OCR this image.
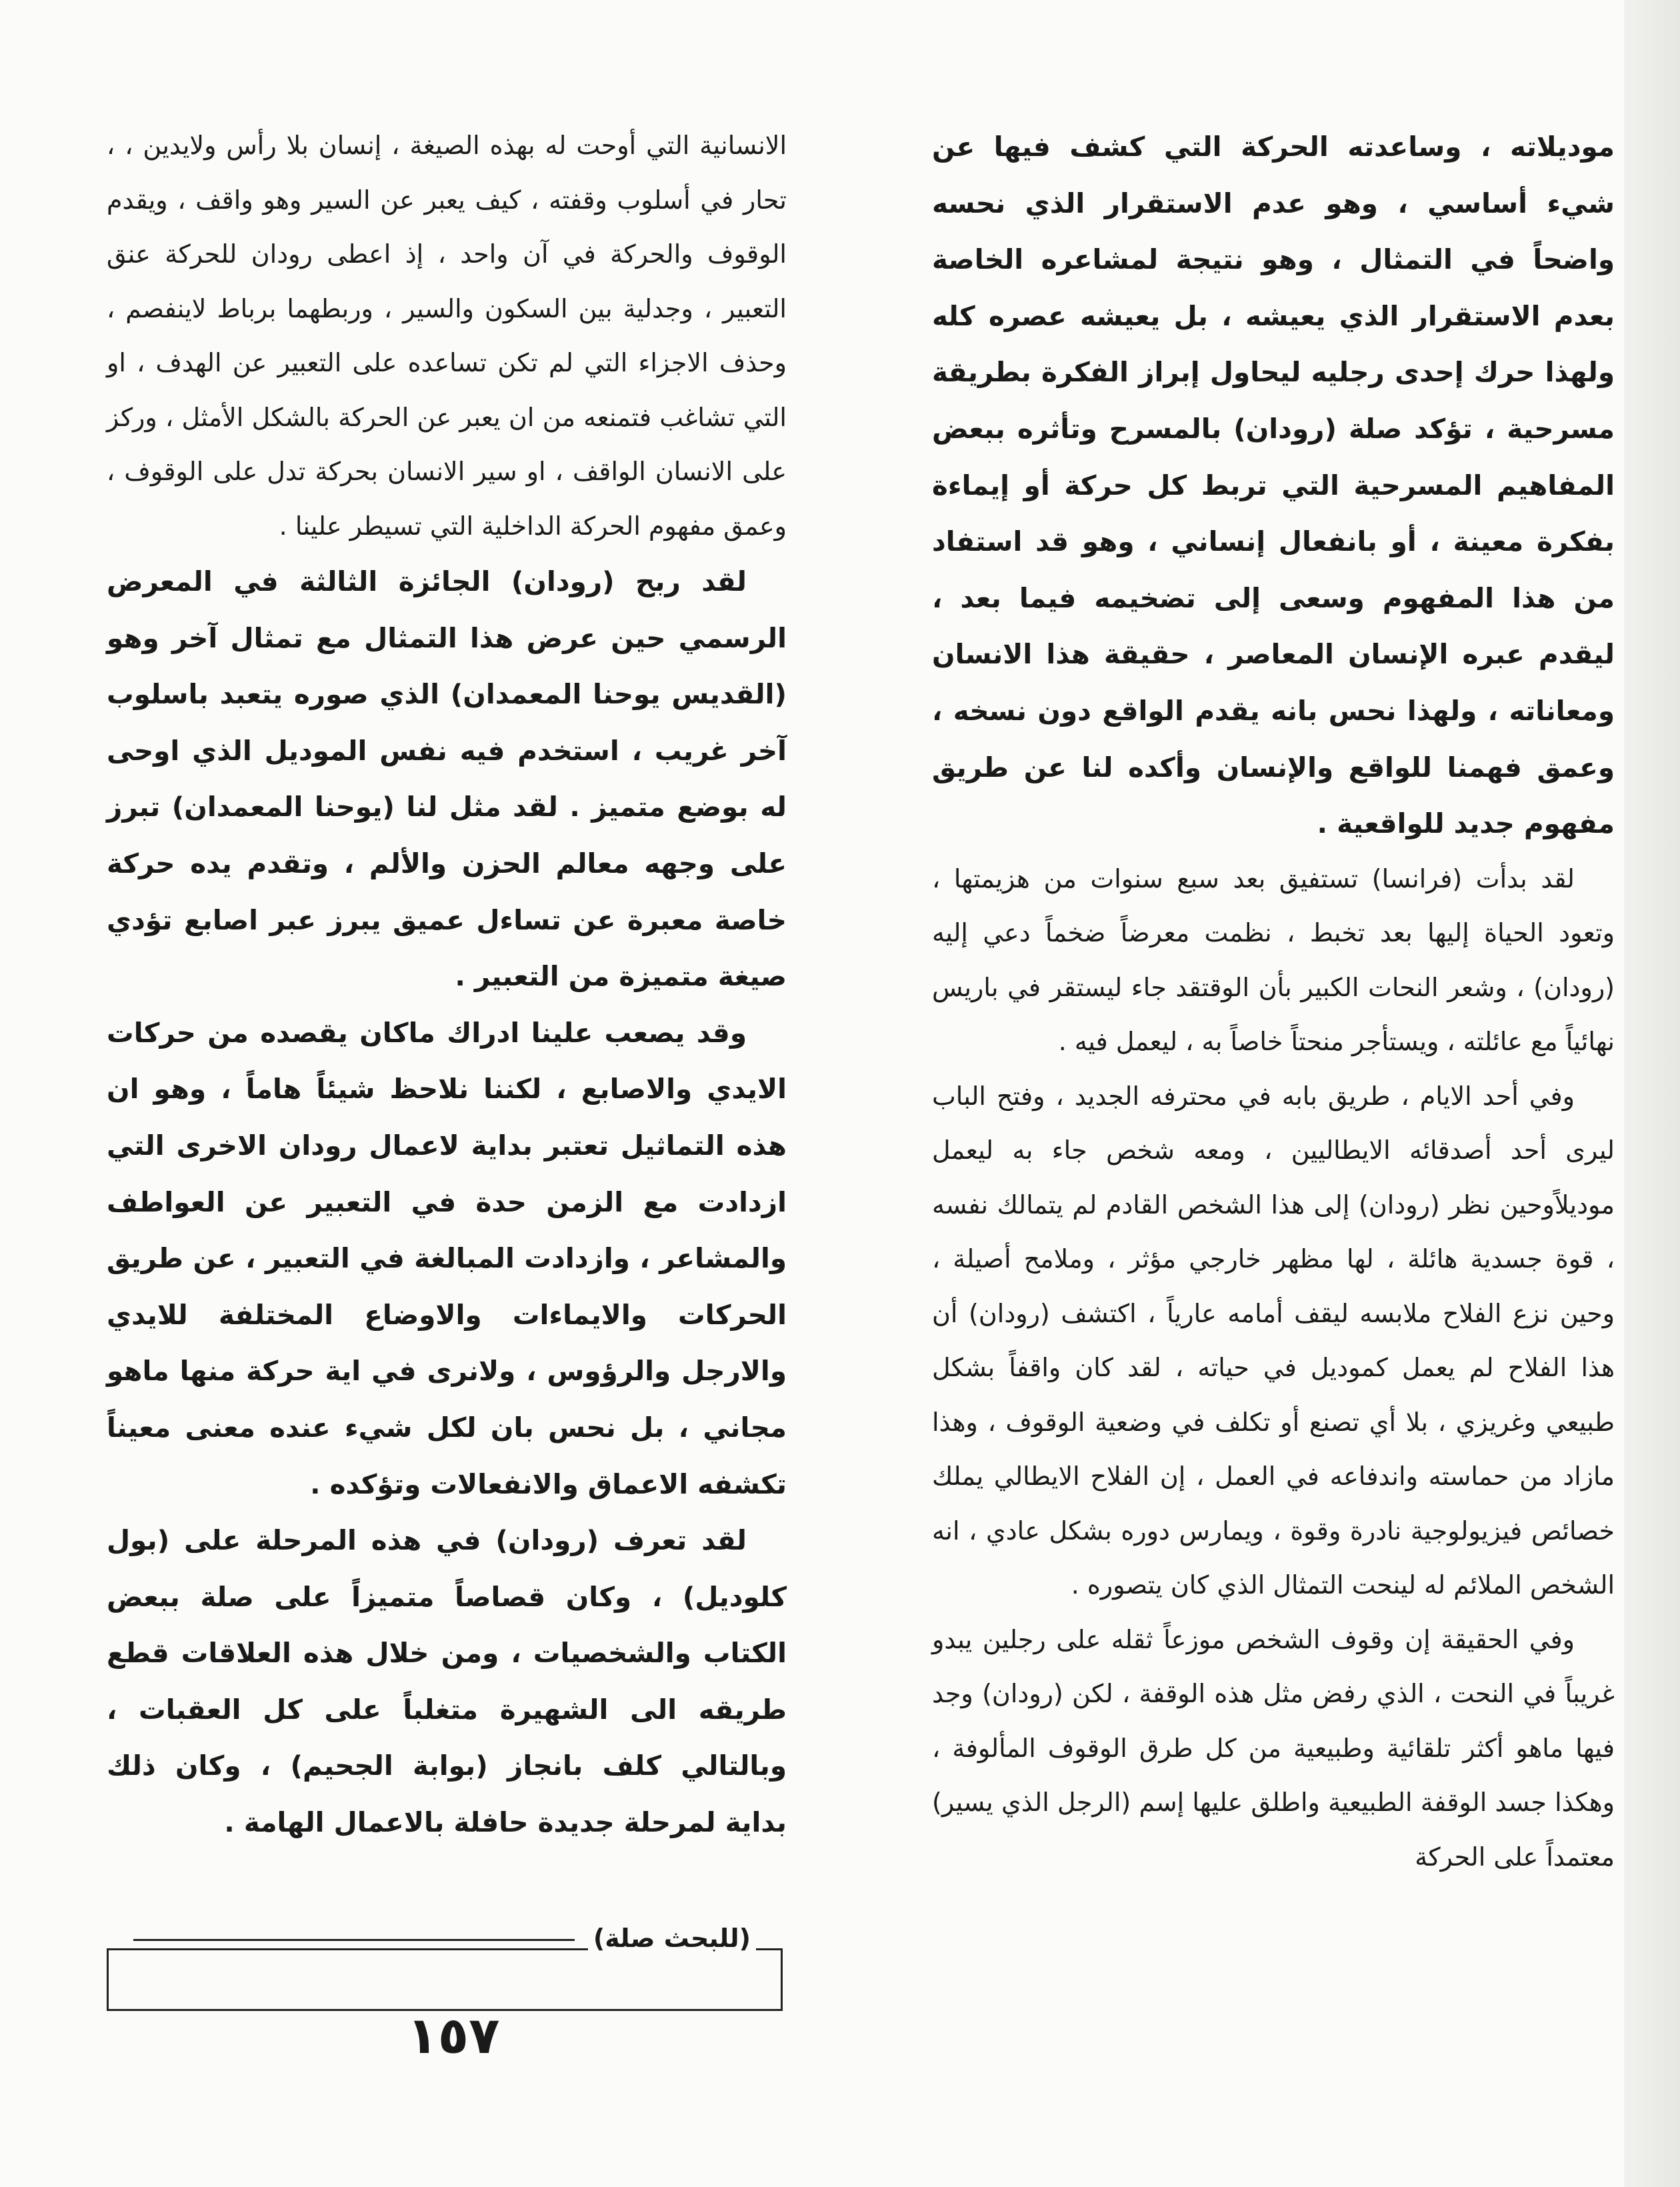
موديلاته ، وساعدته الحركة التي كشف فيها عن شيء أساسي ، وهو عدم الاستقرار الذي نحسه واضحاً في التمثال ، وهو نتيجة لمشاعره الخاصة بعدم الاستقرار الذي يعيشه ، بل يعيشه عصره كله ولهذا حرك إحدى رجليه ليحاول إبراز الفكرة بطريقة مسرحية ، تؤكد صلة (رودان) بالمسرح وتأثره ببعض المفاهيم المسرحية التي تربط كل حركة أو إيماءة بفكرة معينة ، أو بانفعال إنساني ، وهو قد استفاد من هذا المفهوم وسعى إلى تضخيمه فيما بعد ، ليقدم عبره الإنسان المعاصر ، حقيقة هذا الانسان ومعاناته ، ولهذا نحس بانه يقدم الواقع دون نسخه ، وعمق فهمنا للواقع والإنسان وأكده لنا عن طريق مفهوم جديد للواقعية .

لقد بدأت (فرانسا) تستفيق بعد سبع سنوات من هزيمتها ، وتعود الحياة إليها بعد تخبط ، نظمت معرضاً ضخماً دعي إليه (رودان) ، وشعر النحات الكبير بأن الوقتقد جاء ليستقر في باريس نهائياً مع عائلته ، ويستأجر منحتاً خاصاً به ، ليعمل فيه .

وفي أحد الايام ، طريق بابه في محترفه الجديد ، وفتح الباب ليرى أحد أصدقائه الايطاليين ، ومعه شخص جاء به ليعمل موديلاًوحين نظر (رودان) إلى هذا الشخص القادم لم يتمالك نفسه ، قوة جسدية هائلة ، لها مظهر خارجي مؤثر ، وملامح أصيلة ، وحين نزع الفلاح ملابسه ليقف أمامه عارياً ، اكتشف (رودان) أن هذا الفلاح لم يعمل كموديل في حياته ، لقد كان واقفاً بشكل طبيعي وغريزي ، بلا أي تصنع أو تكلف في وضعية الوقوف ، وهذا مازاد من حماسته واندفاعه في العمل ، إن الفلاح الايطالي يملك خصائص فيزيولوجية نادرة وقوة ، ويمارس دوره بشكل عادي ، انه الشخص الملائم له لينحت التمثال الذي كان يتصوره .

وفي الحقيقة إن وقوف الشخص موزعاً ثقله على رجلين يبدو غريباً في النحت ، الذي رفض مثل هذه الوقفة ، لكن (رودان) وجد فيها ماهو أكثر تلقائية وطبيعية من كل طرق الوقوف المألوفة ، وهكذا جسد الوقفة الطبيعية واطلق عليها إسم (الرجل الذي يسير) معتمداً على الحركة

الانسانية التي أوحت له بهذه الصيغة ، إنسان بلا رأس ولايدين ، ، تحار في أسلوب وقفته ، كيف يعبر عن السير وهو واقف ، ويقدم الوقوف والحركة في آن واحد ، إذ اعطى رودان للحركة عنق التعبير ، وجدلية بين السكون والسير ، وربطهما برباط لاينفصم ، وحذف الاجزاء التي لم تكن تساعده على التعبير عن الهدف ، او التي تشاغب فتمنعه من ان يعبر عن الحركة بالشكل الأمثل ، وركز على الانسان الواقف ، او سير الانسان بحركة تدل على الوقوف ، وعمق مفهوم الحركة الداخلية التي تسيطر علينا .

لقد ربح (رودان) الجائزة الثالثة في المعرض الرسمي حين عرض هذا التمثال مع تمثال آخر وهو (القديس يوحنا المعمدان) الذي صوره يتعبد باسلوب آخر غريب ، استخدم فيه نفس الموديل الذي اوحى له بوضع متميز . لقد مثل لنا (يوحنا المعمدان) تبرز على وجهه معالم الحزن والألم ، وتقدم يده حركة خاصة معبرة عن تساءل عميق يبرز عبر اصابع تؤدي صيغة متميزة من التعبير .

وقد يصعب علينا ادراك ماكان يقصده من حركات الايدي والاصابع ، لكننا نلاحظ شيئاً هاماً ، وهو ان هذه التماثيل تعتبر بداية لاعمال رودان الاخرى التي ازدادت مع الزمن حدة في التعبير عن العواطف والمشاعر ، وازدادت المبالغة في التعبير ، عن طريق الحركات والايماءات والاوضاع المختلفة للايدي والارجل والرؤوس ، ولانرى في اية حركة منها ماهو مجاني ، بل نحس بان لكل شيء عنده معنى معيناً تكشفه الاعماق والانفعالات وتؤكده .

لقد تعرف (رودان) في هذه المرحلة على (بول كلوديل) ، وكان قصاصاً متميزاً على صلة ببعض الكتاب والشخصيات ، ومن خلال هذه العلاقات قطع طريقه الى الشهيرة متغلباً على كل العقبات ، وبالتالي كلف بانجاز (بوابة الجحيم) ، وكان ذلك بداية لمرحلة جديدة حافلة بالاعمال الهامة .

(للبحث صلة)
١٥٧
